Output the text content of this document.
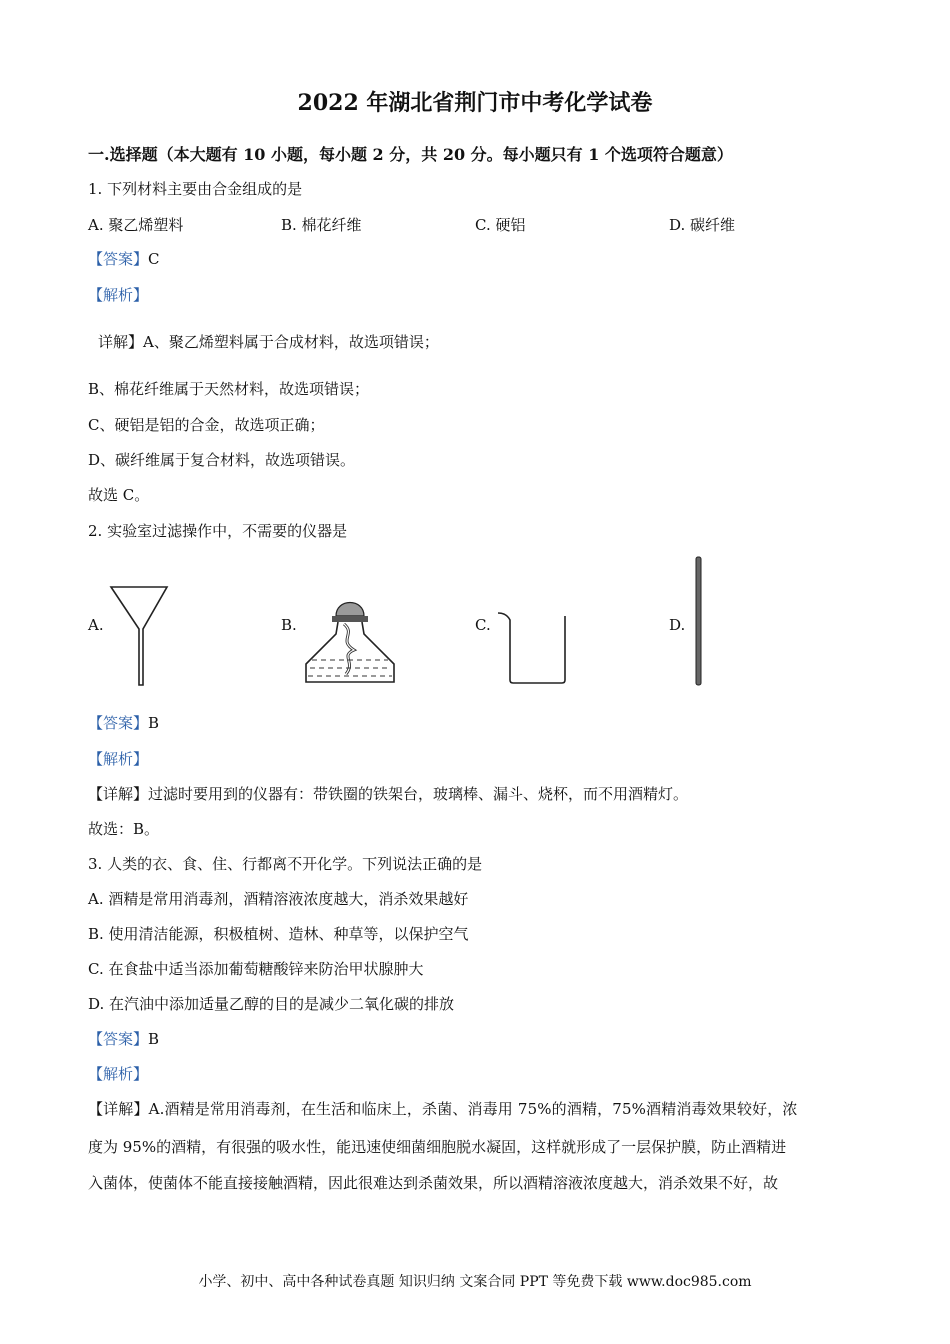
2022 年湖北省荆门市中考化学试卷
一.选择题（本大题有 10 小题，每小题 2 分，共 20 分。每小题只有 1 个选项符合题意）
1. 下列材料主要由合金组成的是
A. 聚乙烯塑料	B. 棉花纤维	C. 硬铝	D. 碳纤维
【答案】C
【解析】
详解】A、聚乙烯塑料属于合成材料，故选项错误；
B、棉花纤维属于天然材料，故选项错误；
C、硬铝是铝的合金，故选项正确；
D、碳纤维属于复合材料，故选项错误。
故选 C。
2. 实验室过滤操作中，不需要的仪器是
A.	B.	C.	D.
【答案】B
【解析】
【详解】过滤时要用到的仪器有：带铁圈的铁架台，玻璃棒、漏斗、烧杯，而不用酒精灯。
故选：B。
3. 人类的衣、食、住、行都离不开化学。下列说法正确的是
A. 酒精是常用消毒剂，酒精溶液浓度越大，消杀效果越好
B. 使用清洁能源，积极植树、造林、种草等，以保护空气
C. 在食盐中适当添加葡萄糖酸锌来防治甲状腺肿大
D. 在汽油中添加适量乙醇的目的是减少二氧化碳的排放
【答案】B
【解析】
【详解】A.酒精是常用消毒剂，在生活和临床上，杀菌、消毒用 75%的酒精，75%酒精消毒效果较好，浓
度为 95%的酒精，有很强的吸水性，能迅速使细菌细胞脱水凝固，这样就形成了一层保护膜，防止酒精进
入菌体，使菌体不能直接接触酒精，因此很难达到杀菌效果，所以酒精溶液浓度越大，消杀效果不好，故
小学、初中、高中各种试卷真题 知识归纳 文案合同 PPT 等免费下载 www.doc985.com
